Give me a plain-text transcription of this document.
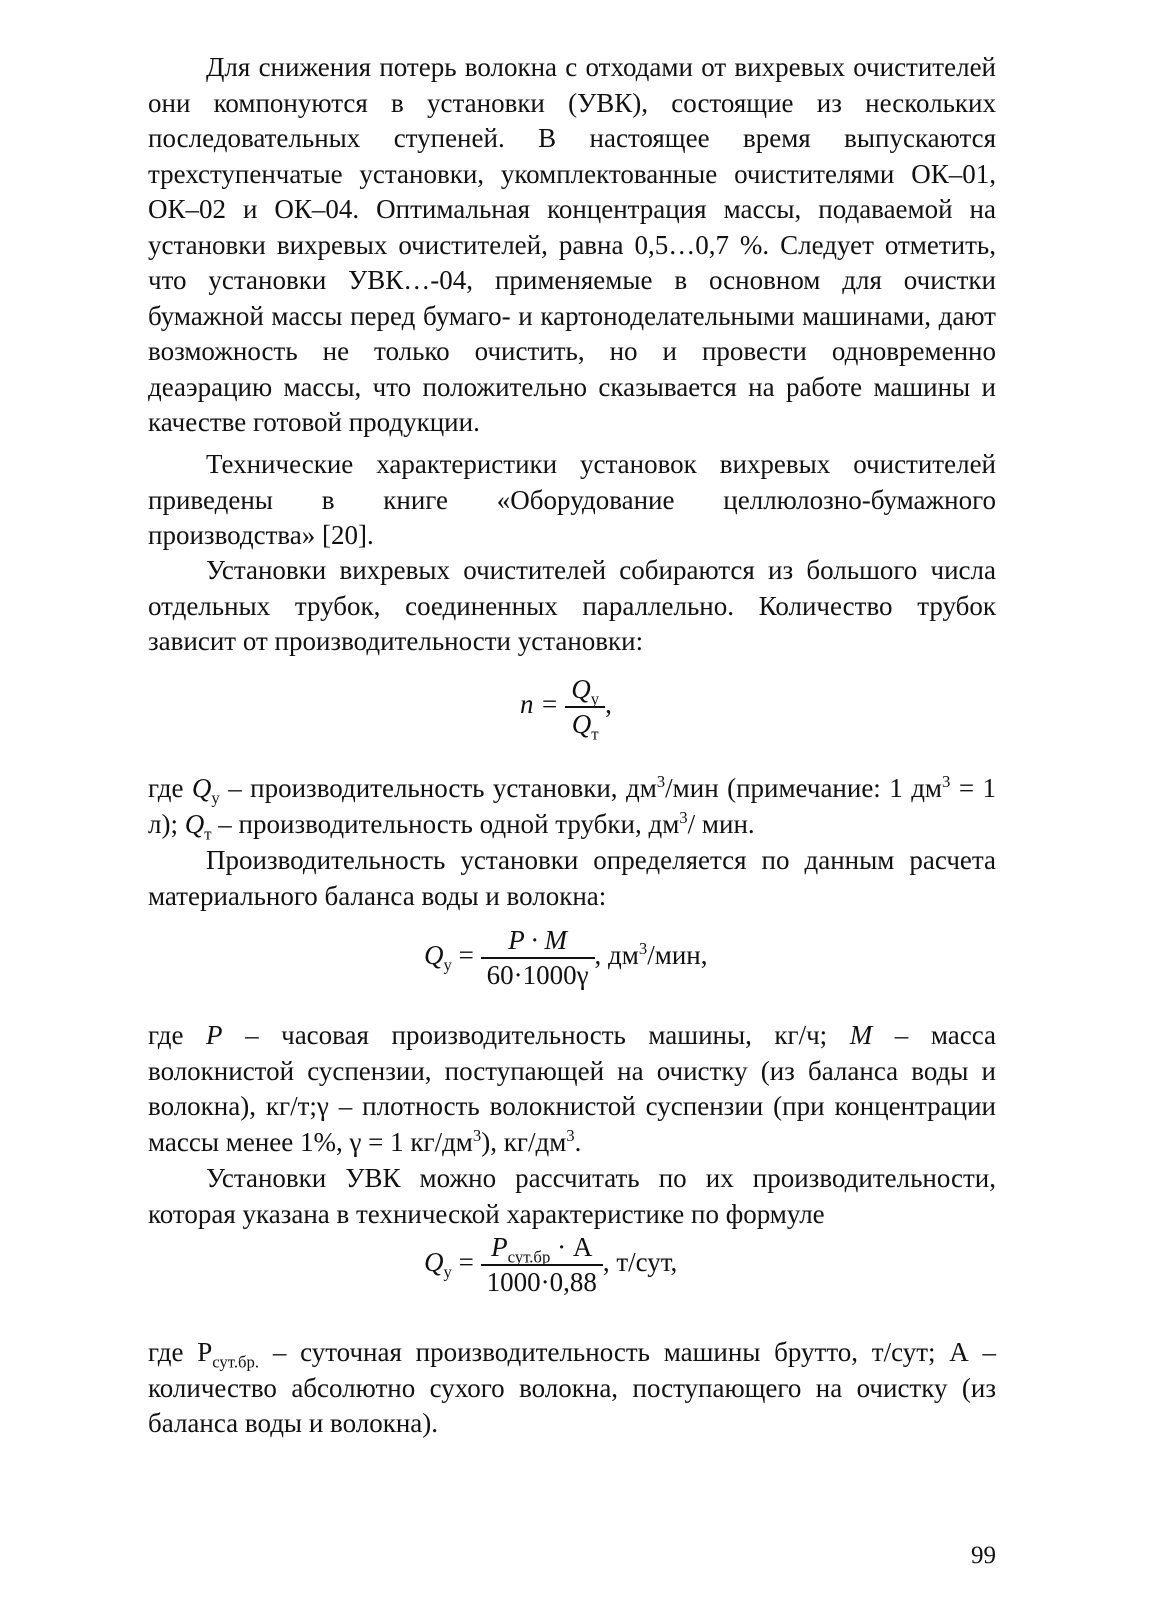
Для снижения потерь волокна с отходами от вихревых очистителей они компонуются в установки (УВК), состоящие из нескольких последовательных ступеней. В настоящее время выпускаются трехступенчатые установки, укомплектованные очистителями ОК–01, ОК–02 и ОК–04. Оптимальная концентрация массы, подаваемой на установки вихревых очистителей, равна 0,5…0,7 %. Следует отметить, что установки УВК…-04, применяемые в основном для очистки бумажной массы перед бумаго- и картоноделательными машинами, дают возможность не только очистить, но и провести одновременно деаэрацию массы, что положительно сказывается на работе машины и качестве готовой продукции.

Технические характеристики установок вихревых очистителей приведены в книге «Оборудование целлюлозно-бумажного производства» [20].

Установки вихревых очистителей собираются из большого числа отдельных трубок, соединенных параллельно. Количество трубок зависит от производительности установки:

$n = \frac{Q_у}{Q_т}$ ,

где $Q_у$ – производительность установки, $дм^3$/мин (примечание: 1 $дм^3 = 1$ л); $Q_т$ – производительность одной трубки, $дм^3/$ мин.

Производительность установки определяется по данным расчета материального баланса воды и волокна:

$Q_у = \frac{P \cdot M}{60\cdot 1000\gamma}$ , $дм^3$/мин,

где P – часовая производительность машины, кг/ч; M – масса волокнистой суспензии, поступающей на очистку (из баланса воды и волокна), кг/т;γ – плотность волокнистой суспензии (при концентрации массы менее 1%, γ = 1 $кг/дм^3$), $кг/дм^3$.

Установки УВК можно рассчитать по их производительности, которая указана в технической характеристике по формуле

$Q_у = \frac{P_{сут.бр} \cdot А}{1000\cdot 0,88}$ , т/сут,

где $Р_{сут.бр.}$ – суточная производительность машины брутто, т/сут; А – количество абсолютно сухого волокна, поступающего на очистку (из баланса воды и волокна).

99
